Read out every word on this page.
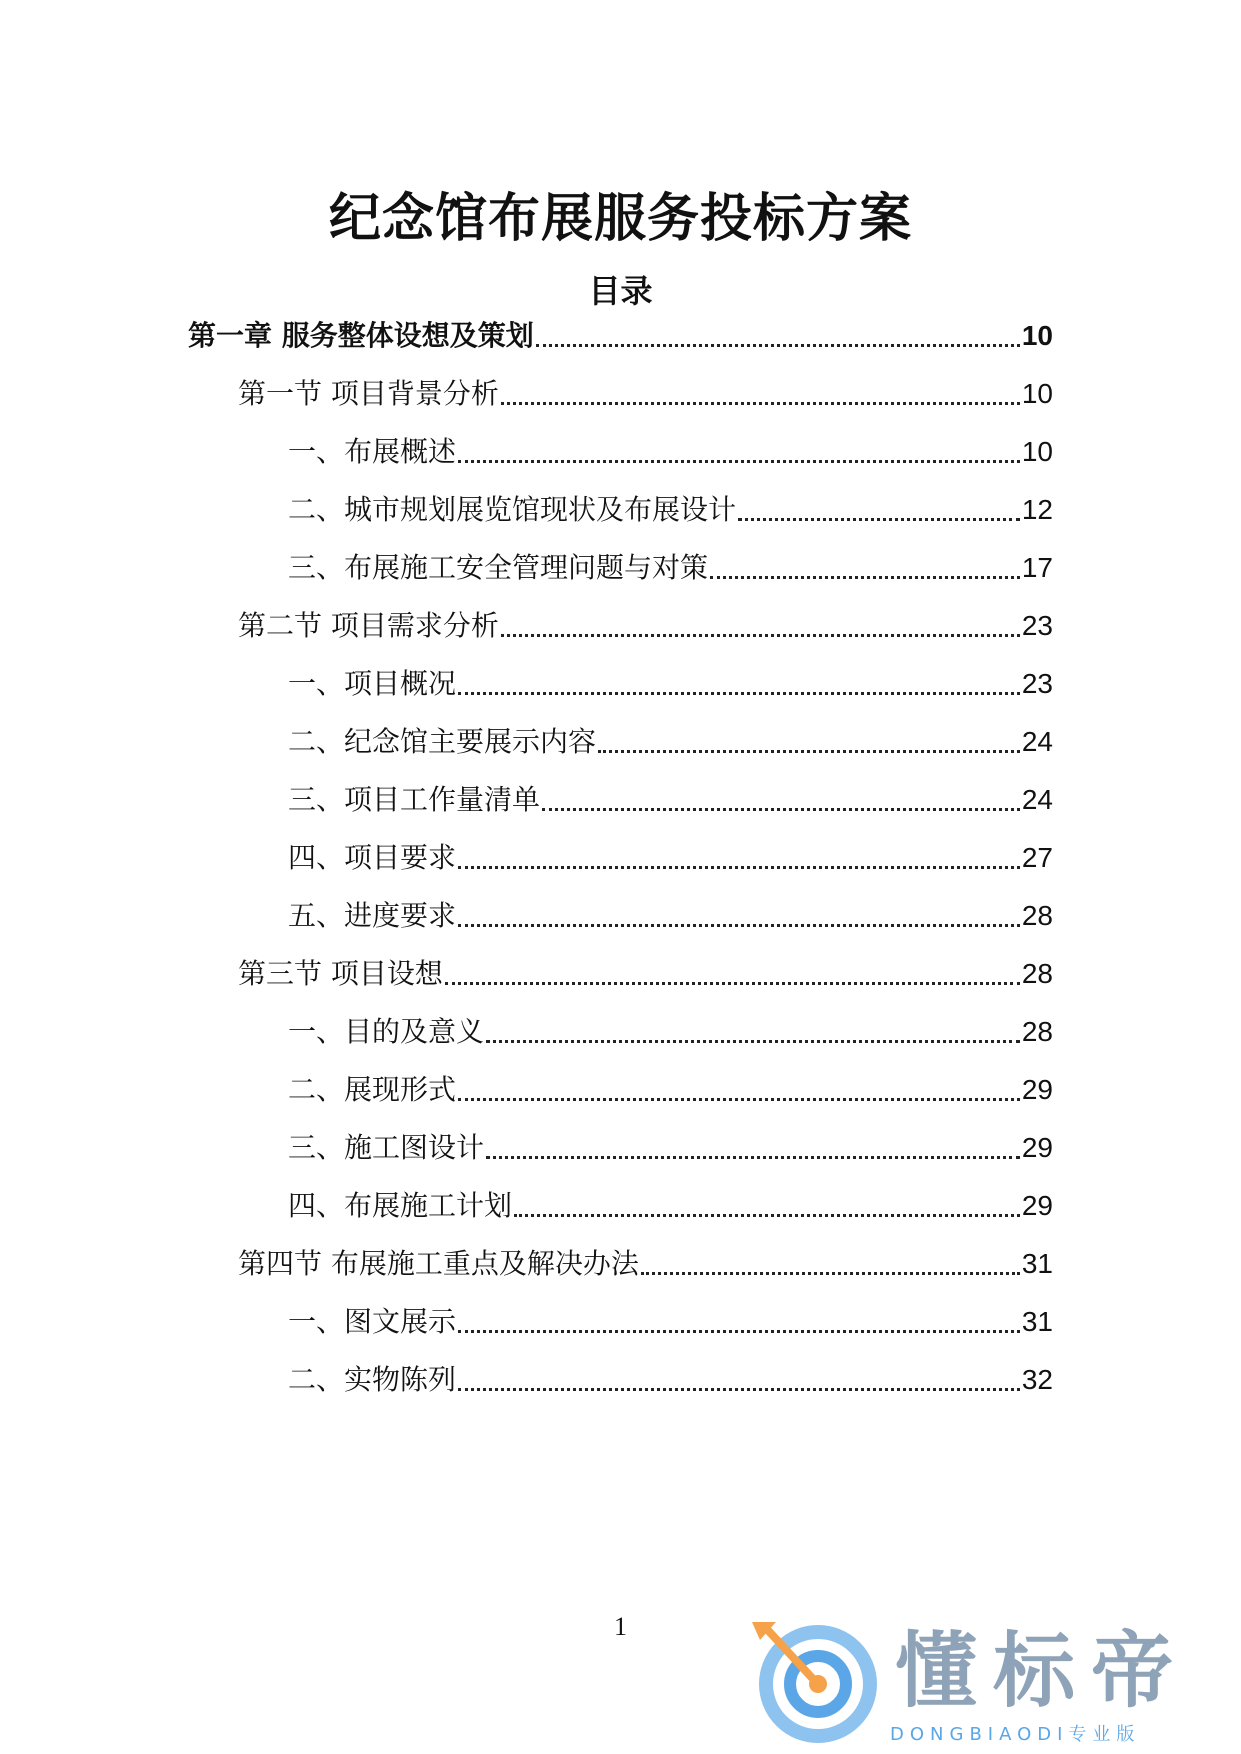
纪念馆布展服务投标方案
目录
第一章 服务整体设想及策划	10
第一节 项目背景分析	10
一、布展概述	10
二、城市规划展览馆现状及布展设计	12
三、布展施工安全管理问题与对策	17
第二节 项目需求分析	23
一、项目概况	23
二、纪念馆主要展示内容	24
三、项目工作量清单	24
四、项目要求	27
五、进度要求	28
第三节 项目设想	28
一、目的及意义	28
二、展现形式	29
三、施工图设计	29
四、布展施工计划	29
第四节 布展施工重点及解决办法	31
一、图文展示	31
二、实物陈列	32
1	懂标帝
DONGBIAODI专业版
